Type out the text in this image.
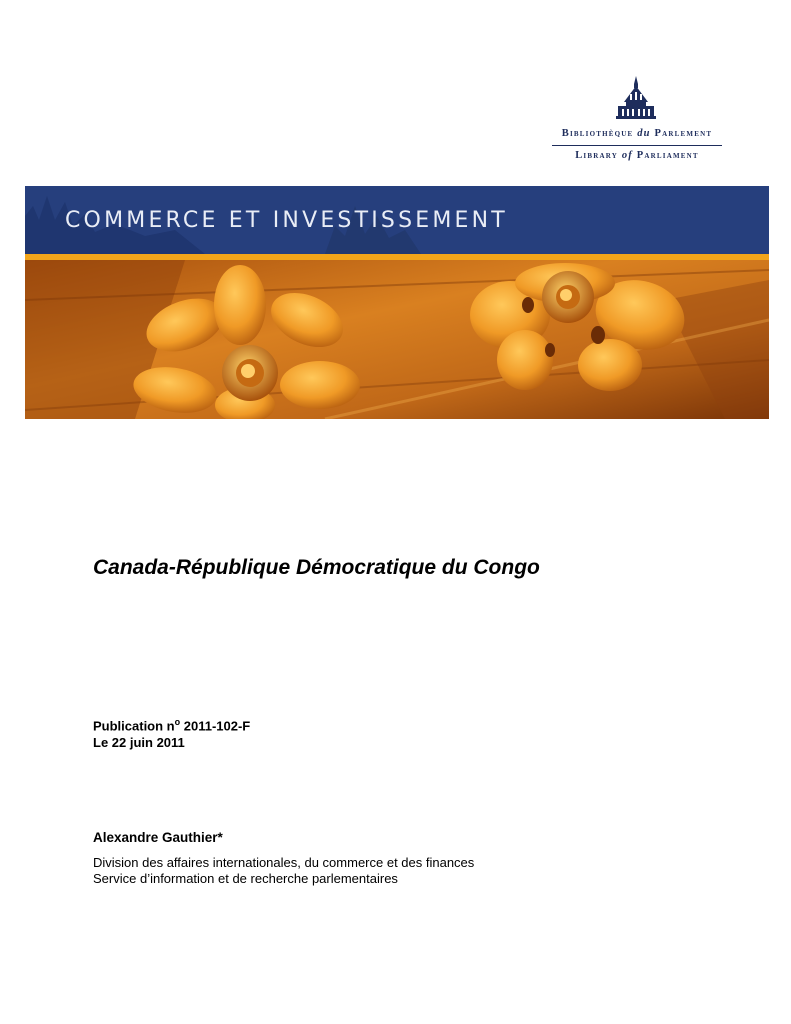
Bibliothèque du Parlement
Library of Parliament
COMMERCE ET INVESTISSEMENT
Canada-République Démocratique du Congo
Publication $n^o$ 2011-102-F
Le 22 juin 2011
Alexandre Gauthier*
Division des affaires internationales, du commerce et des finances
Service d’information et de recherche parlementaires
